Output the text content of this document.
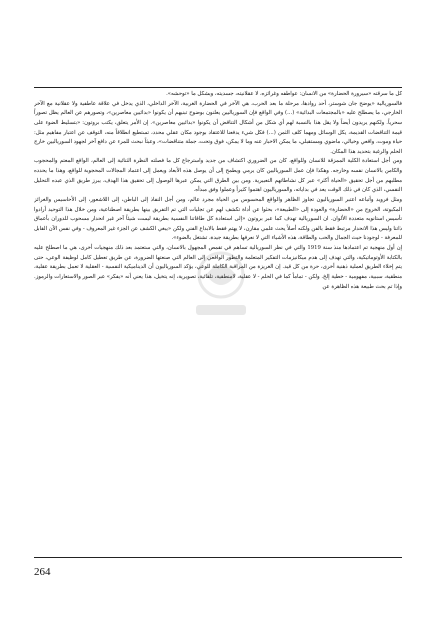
كل ما سرقته «سيرورة الحضارة» من الانسان: عواطفه وغرائزه، لا عقلانيته، جسديته، وبشكل ما «توحشه».

فالسوريالية «يوضح جان شوستر، أحد روادها، مرحلة ما بعد الحرب، هي الآخر في الحضارة الغربية، الآخر الداخلي، الذي يدخل في علاقة عاطفية ولا عقلانية مع الآخر الخارجي، ما يصطلح عليه «بالمجتمعات البدائية» (...) وفي الواقع فإن السورياليين يعلنون بوضوح تبنيهم أن يكونوا «بدائيين معاصرين»، وتصورهم عن العالم يظل تصوراً سحرياً. ولكنهم يريدون أيضاً ولا يقل هذا بالنسبة لهم أي شكل من أشكال التناقض أن يكونوا «بدائيين معاصرين». إن الأمر يتعلق، يكتب بروتون: «بتسليط الضوء على قيمة التناقضات القديمة، يكل الوسائل ومهما كلف الثمن (...) فكل شيء يدفعنا للاعتقاد بوجود مكان عقلي محدد، تستطيع انطلاقاً منه، التوقف عن اعتبار مفاهيم مثل: حياة وموت، واقعي وخيالي، ماضوي ومستقبلي، ما يمكن الاخبار عنه وما لا يمكن، فوق وتحت، جملة متناقضات»، وعبثاً نبحث للمرء عن دافع آخر لجهود السورياليين خارج الحلم والرغبة بتحديد هذا المكان.

ومن أجل استعادة الكلية الممزقة للانسان وللواقع، كان من الضروري اكتشاف من جديد واسترجاع كل ما فصلته النظرة الثنائية إلى العالم، الواقع المعتم والمحجوب والكامن بالانسان نفسه وخارجه. وهكذا فإن عمل السورياليين كان يرمي ويطمح إلى أن يوصل هذه الأبعاد ويعمل إلى اعتماد المجالات المحجوبة للواقع، وهذا ما يحدده مطلبهم من أجل تحقيق «الحياة أكثر» عبر كل نشاطاتهم التعبيرية. ومن بين الطرق التي يمكن عبرها الوصول إلى تحقيق هذا الهدف، يبرز طريق الذي عبده التحليل النفسي، الذي كان في ذلك الوقت يعد في بداياته، والسورياليون اهتموا كثيراً وعملوا وفق مبدأه.

ومثل فرويد وأتباعه اعتبر السورياليون تجاوز الظاهر والواقع المحسوس من الحياة مجرد عالم، ومن أجل النفاذ إلى الباطن، إلى اللاشعور، إلى الأحاسيس والغرائز المكبوتة، الخروج من «الحضارة» والعودة إلى «الطبيعة»، بحثوا عن أداة تكشف لهم عن تجليات التي تم التفريق بينها بطريقة اصطناعية، ومن خلال هذا التوحيد أرادوا تأسيس استانويه متعددة الألوان. ان السوريالية تهدف كما عبر بروتون «إلى استعادة كل طاقاتنا النفسية بطريقة ليست شيئاً آخر غير انحدار مسحوب للدوران بأعماق ذاتنا وليس هذا الانحدار مرتبط فقط بالفن ولكنه أصلاً يحث علمي مقارن، لا يهتم فقط بالابداع الفني ولكن «يبغي الكشف عن الجزء غير المعروف - وفي نفس الآن القابل للمعرفة - لوجودنا حيث الجمال والحب والطاقة، هذه الأشياء التي لا نعرفها بطريقة جيدة، تشتغل بالضوء».

إن أول منهجية تم اعتمادها منذ سنة 1919 والتي في نظر السوريالية تساهم في تقمص المجهول بالانسان، والتي ستعتمد بعد ذلك منهجيات أخرى، هي ما اصطلح عليه بالكتابة الأوتوماتيكية، والتي تهدف إلى هدم ميكانيزمات التفكير المتعلمة والتطور الواقعي إلى العالم التي صنعتها الضرورة، عن طريق تعطيل كامل لوظيفة الوعي، حتى يتم إخلاء الطريق لعملية ذهنية أخرى، حرة من كل قيد. إن الغريزة من المراقبة الكاملة للوعي، يؤكد السورياليون أن الديناميكية النفسية - العقلية لا تعمل بطريقة عقلية، منطقية، سببية، مفهومية - خطية إلخ. ولكن - تماماً كما في الحلم - لا عقلية، لامنطقية، تلقائية، تصويرية، إنه يتخيل، هذا يعني أنه «يفكر» عبر الصور والاستعارات والرموز. وإذا تم بحث طبيعة هذه الظاهرة عن

264
